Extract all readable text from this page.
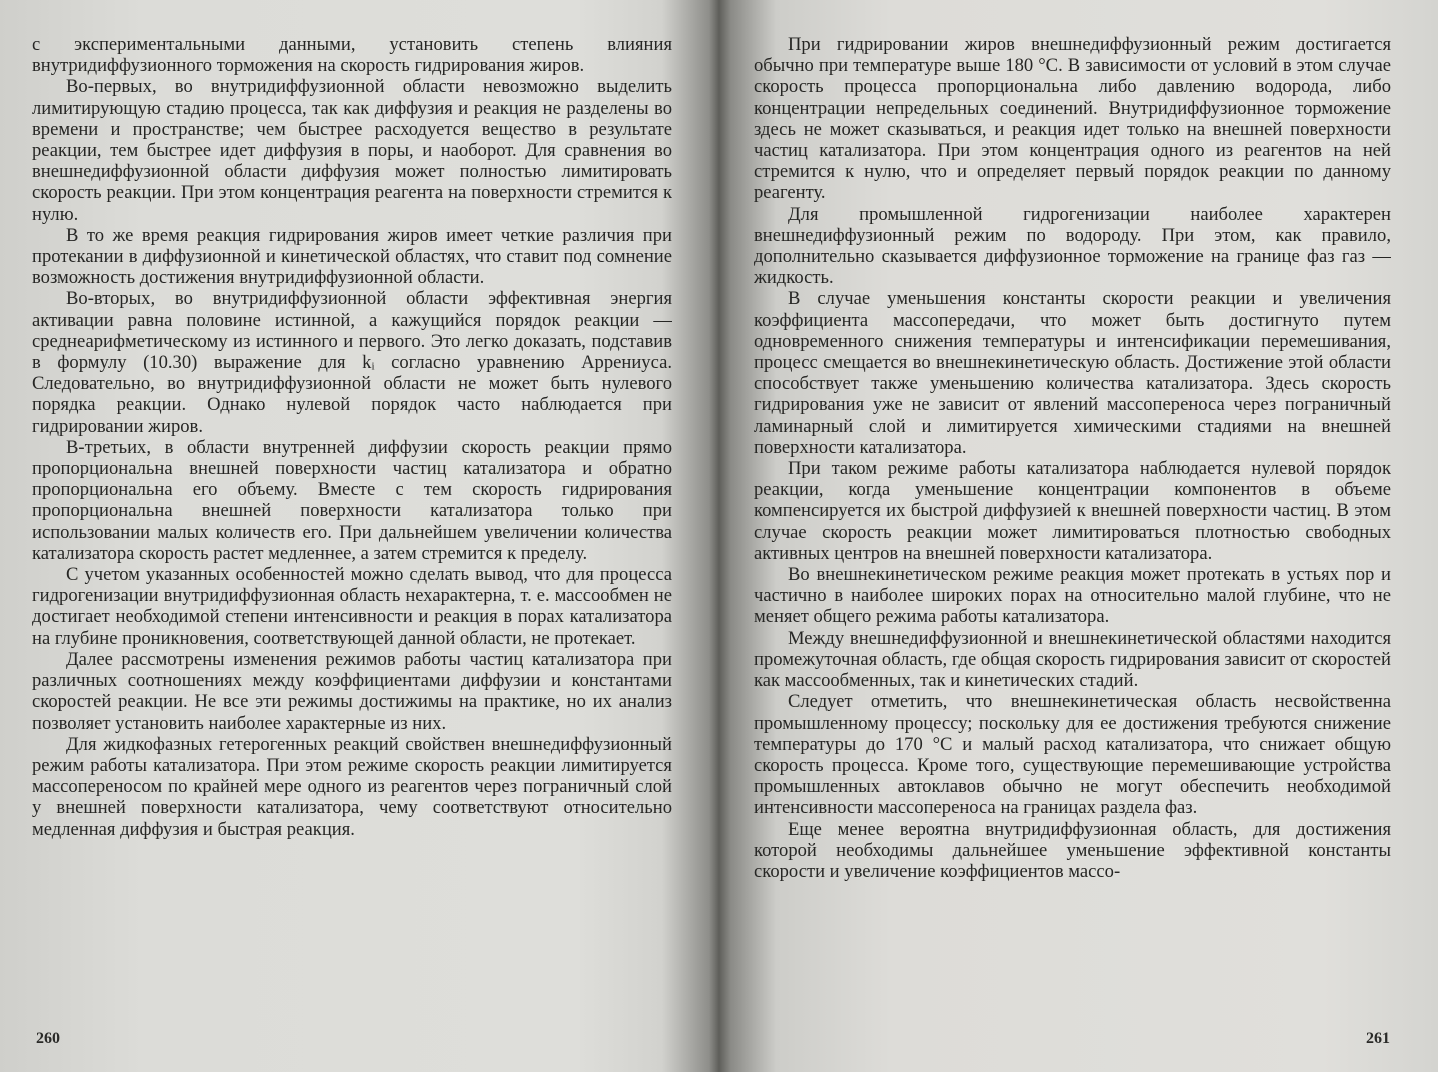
с экспериментальными данными, установить степень влияния внутридиффузионного торможения на скорость гидрирования жиров.

Во-первых, во внутридиффузионной области невозможно выделить лимитирующую стадию процесса, так как диффузия и реакция не разделены во времени и пространстве; чем быстрее расходуется вещество в результате реакции, тем быстрее идет диффузия в поры, и наоборот. Для сравнения во внешнедиффузионной области диффузия может полностью лимитировать скорость реакции. При этом концентрация реагента на поверхности стремится к нулю.

В то же время реакция гидрирования жиров имеет четкие различия при протекании в диффузионной и кинетической областях, что ставит под сомнение возможность достижения внутридиффузионной области.

Во-вторых, во внутридиффузионной области эффективная энергия активации равна половине истинной, а кажущийся порядок реакции — среднеарифметическому из истинного и первого. Это легко доказать, подставив в формулу (10.30) выражение для kᵢ согласно уравнению Аррениуса. Следовательно, во внутридиффузионной области не может быть нулевого порядка реакции. Однако нулевой порядок часто наблюдается при гидрировании жиров.

В-третьих, в области внутренней диффузии скорость реакции прямо пропорциональна внешней поверхности частиц катализатора и обратно пропорциональна его объему. Вместе с тем скорость гидрирования пропорциональна внешней поверхности катализатора только при использовании малых количеств его. При дальнейшем увеличении количества катализатора скорость растет медленнее, а затем стремится к пределу.

С учетом указанных особенностей можно сделать вывод, что для процесса гидрогенизации внутридиффузионная область нехарактерна, т. е. массообмен не достигает необходимой степени интенсивности и реакция в порах катализатора на глубине проникновения, соответствующей данной области, не протекает.

Далее рассмотрены изменения режимов работы частиц катализатора при различных соотношениях между коэффициентами диффузии и константами скоростей реакции. Не все эти режимы достижимы на практике, но их анализ позволяет установить наиболее характерные из них.

Для жидкофазных гетерогенных реакций свойствен внешнедиффузионный режим работы катализатора. При этом режиме скорость реакции лимитируется массопереносом по крайней мере одного из реагентов через пограничный слой у внешней поверхности катализатора, чему соответствуют относительно медленная диффузия и быстрая реакция.

260

При гидрировании жиров внешнедиффузионный режим достигается обычно при температуре выше 180 °С. В зависимости от условий в этом случае скорость процесса пропорциональна либо давлению водорода, либо концентрации непредельных соединений. Внутридиффузионное торможение здесь не может сказываться, и реакция идет только на внешней поверхности частиц катализатора. При этом концентрация одного из реагентов на ней стремится к нулю, что и определяет первый порядок реакции по данному реагенту.

Для промышленной гидрогенизации наиболее характерен внешнедиффузионный режим по водороду. При этом, как правило, дополнительно сказывается диффузионное торможение на границе фаз газ — жидкость.

В случае уменьшения константы скорости реакции и увеличения коэффициента массопередачи, что может быть достигнуто путем одновременного снижения температуры и интенсификации перемешивания, процесс смещается во внешнекинетическую область. Достижение этой области способствует также уменьшению количества катализатора. Здесь скорость гидрирования уже не зависит от явлений массопереноса через пограничный ламинарный слой и лимитируется химическими стадиями на внешней поверхности катализатора.

При таком режиме работы катализатора наблюдается нулевой порядок реакции, когда уменьшение концентрации компонентов в объеме компенсируется их быстрой диффузией к внешней поверхности частиц. В этом случае скорость реакции может лимитироваться плотностью свободных активных центров на внешней поверхности катализатора.

Во внешнекинетическом режиме реакция может протекать в устьях пор и частично в наиболее широких порах на относительно малой глубине, что не меняет общего режима работы катализатора.

Между внешнедиффузионной и внешнекинетической областями находится промежуточная область, где общая скорость гидрирования зависит от скоростей как массообменных, так и кинетических стадий.

Следует отметить, что внешнекинетическая область несвойственна промышленному процессу; поскольку для ее достижения требуются снижение температуры до 170 °С и малый расход катализатора, что снижает общую скорость процесса. Кроме того, существующие перемешивающие устройства промышленных автоклавов обычно не могут обеспечить необходимой интенсивности массопереноса на границах раздела фаз.

Еще менее вероятна внутридиффузионная область, для достижения которой необходимы дальнейшее уменьшение эффективной константы скорости и увеличение коэффициентов массо-

261
